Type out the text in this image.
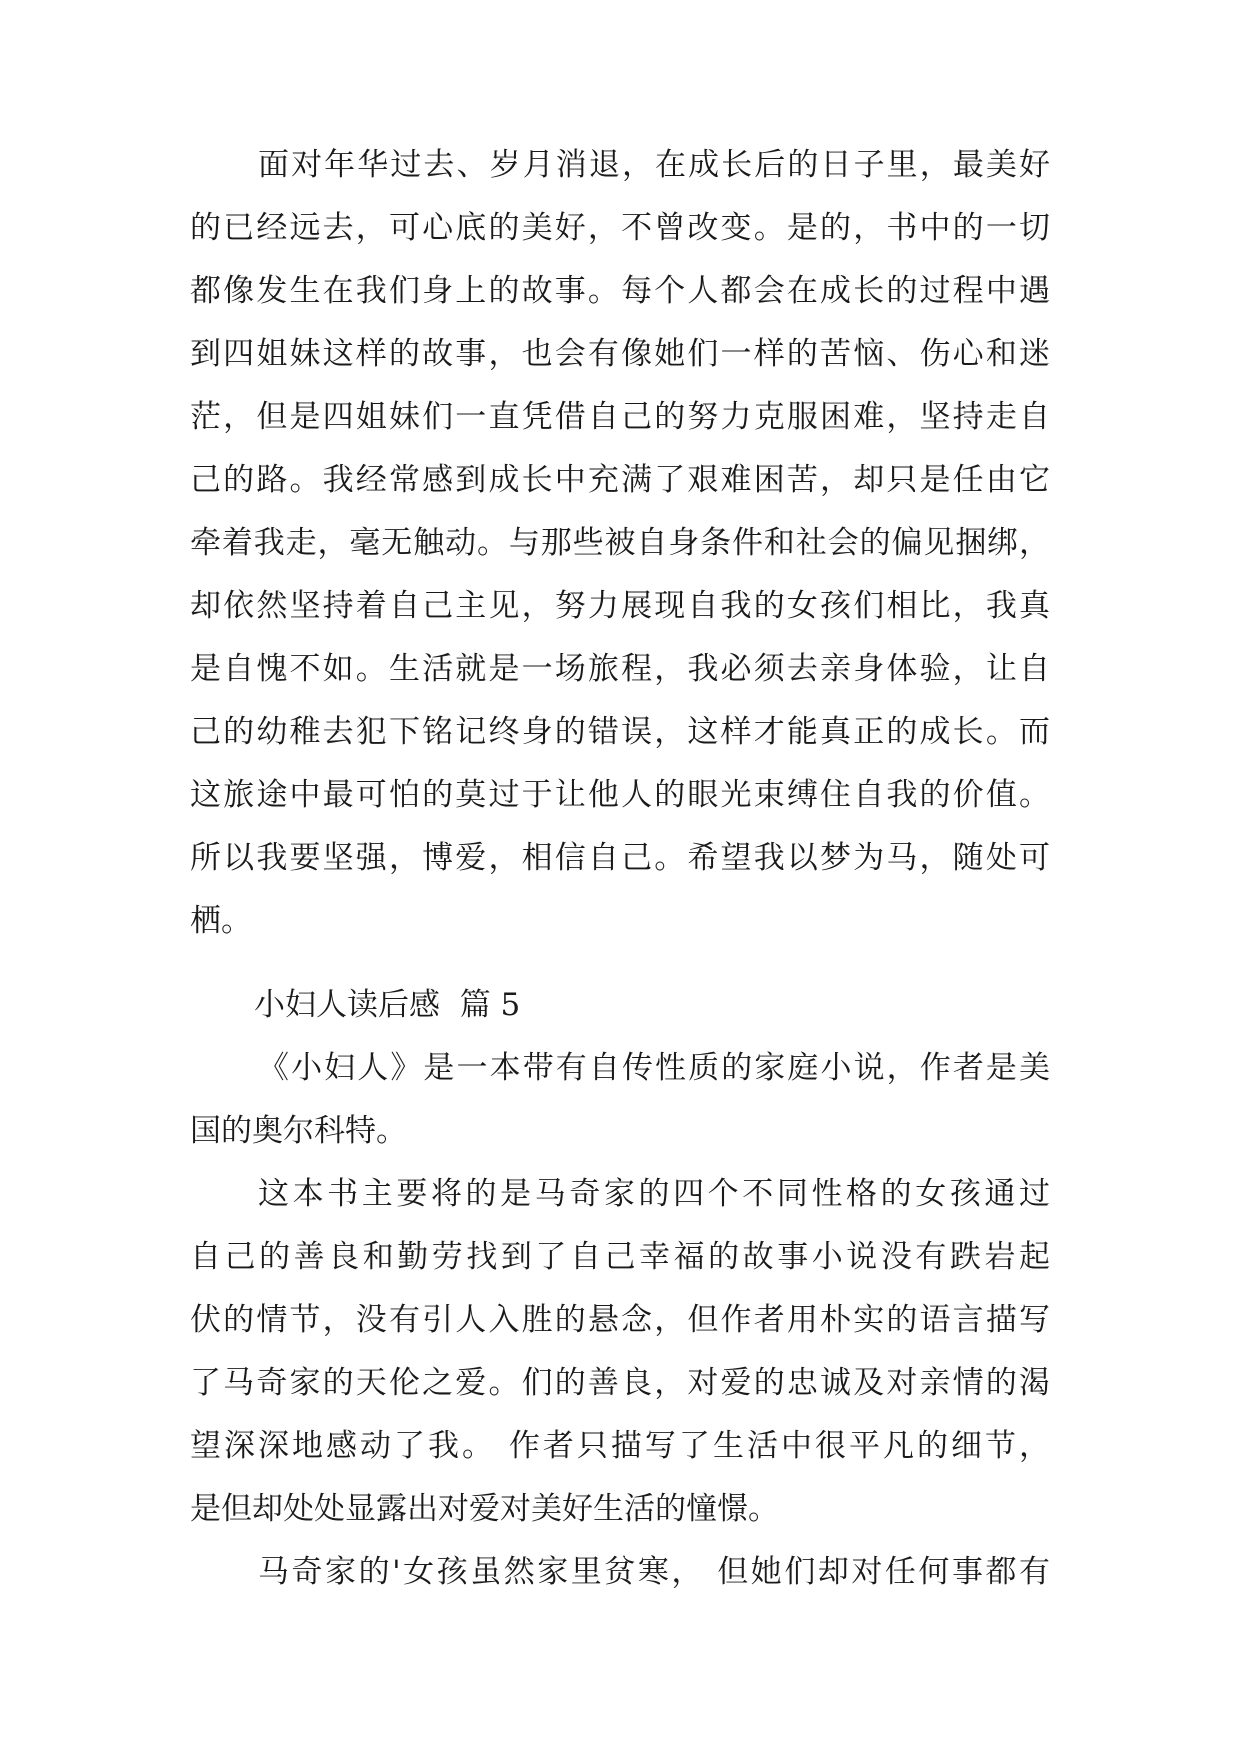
面对年华过去、岁月消退，在成长后的日子里，最美好
的已经远去，可心底的美好，不曾改变。是的，书中的一切
都像发生在我们身上的故事。每个人都会在成长的过程中遇
到四姐妹这样的故事，也会有像她们一样的苦恼、伤心和迷
茫，但是四姐妹们一直凭借自己的努力克服困难，坚持走自
己的路。我经常感到成长中充满了艰难困苦，却只是任由它
牵着我走，毫无触动。与那些被自身条件和社会的偏见捆绑，
却依然坚持着自己主见，努力展现自我的女孩们相比，我真
是自愧不如。生活就是一场旅程，我必须去亲身体验，让自
己的幼稚去犯下铭记终身的错误，这样才能真正的成长。而
这旅途中最可怕的莫过于让他人的眼光束缚住自我的价值。
所以我要坚强，博爱，相信自己。希望我以梦为马，随处可
栖。
小妇人读后感  篇 5
《小妇人》是一本带有自传性质的家庭小说，作者是美
国的奥尔科特。
这本书主要将的是马奇家的四个不同性格的女孩通过
自己的善良和勤劳找到了自己幸福的故事小说没有跌岩起
伏的情节，没有引人入胜的悬念，但作者用朴实的语言描写
了马奇家的天伦之爱。们的善良，对爱的忠诚及对亲情的渴
望深深地感动了我。 作者只描写了生活中很平凡的细节，
是但却处处显露出对爱对美好生活的憧憬。
马奇家的'女孩虽然家里贫寒， 但她们却对任何事都有
